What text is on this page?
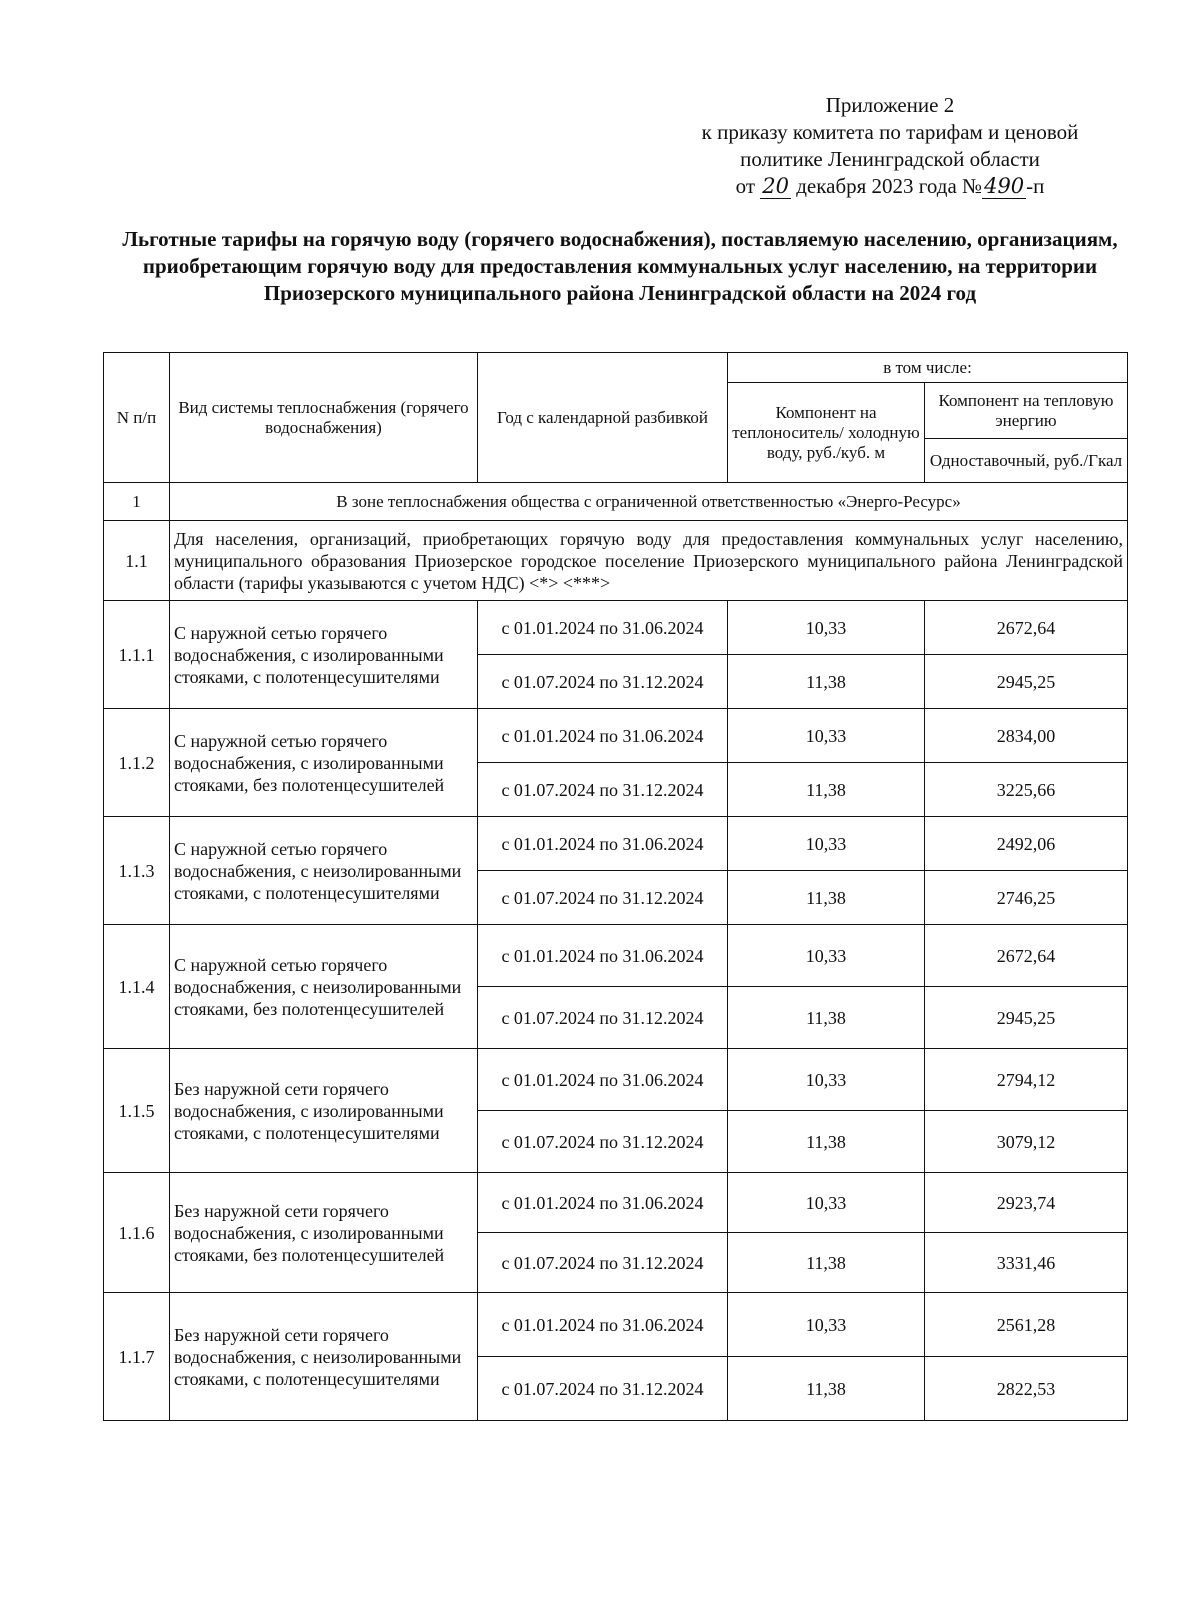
Приложение 2
к приказу комитета по тарифам и ценовой
политике Ленинградской области
от 20 декабря 2023 года №490-п
Льготные тарифы на горячую воду (горячего водоснабжения), поставляемую населению, организациям, приобретающим горячую воду для предоставления коммунальных услуг населению, на территории Приозерского муниципального района Ленинградской области на 2024 год
N п/п	Вид системы теплоснабжения (горячего водоснабжения)	Год с календарной разбивкой	в том числе:	
			Компонент на теплоноситель/ холодную воду, руб./куб. м	Компонент на тепловую энергию
				Одноставочный, руб./Гкал
1	В зоне теплоснабжения общества с ограниченной ответственностью «Энерго-Ресурс»			
1.1	Для населения, организаций, приобретающих горячую воду для предоставления коммунальных услуг населению, муниципального образования Приозерское городское поселение Приозерского муниципального района Ленинградской области (тарифы указываются с учетом НДС) <*> <***>			
1.1.1	С наружной сетью горячего водоснабжения, с изолированными стояками, с полотенцесушителями	с 01.01.2024 по 31.06.2024	10,33	2672,64
		с 01.07.2024 по 31.12.2024	11,38	2945,25
1.1.2	С наружной сетью горячего водоснабжения, с изолированными стояками, без полотенцесушителей	с 01.01.2024 по 31.06.2024	10,33	2834,00
		с 01.07.2024 по 31.12.2024	11,38	3225,66
1.1.3	С наружной сетью горячего водоснабжения, с неизолированными стояками, с полотенцесушителями	с 01.01.2024 по 31.06.2024	10,33	2492,06
		с 01.07.2024 по 31.12.2024	11,38	2746,25
1.1.4	С наружной сетью горячего водоснабжения, с неизолированными стояками, без полотенцесушителей	с 01.01.2024 по 31.06.2024	10,33	2672,64
		с 01.07.2024 по 31.12.2024	11,38	2945,25
1.1.5	Без наружной сети горячего водоснабжения, с изолированными стояками, с полотенцесушителями	с 01.01.2024 по 31.06.2024	10,33	2794,12
		с 01.07.2024 по 31.12.2024	11,38	3079,12
1.1.6	Без наружной сети горячего водоснабжения, с изолированными стояками, без полотенцесушителей	с 01.01.2024 по 31.06.2024	10,33	2923,74
		с 01.07.2024 по 31.12.2024	11,38	3331,46
1.1.7	Без наружной сети горячего водоснабжения, с неизолированными стояками, с полотенцесушителями	с 01.01.2024 по 31.06.2024	10,33	2561,28
		с 01.07.2024 по 31.12.2024	11,38	2822,53
